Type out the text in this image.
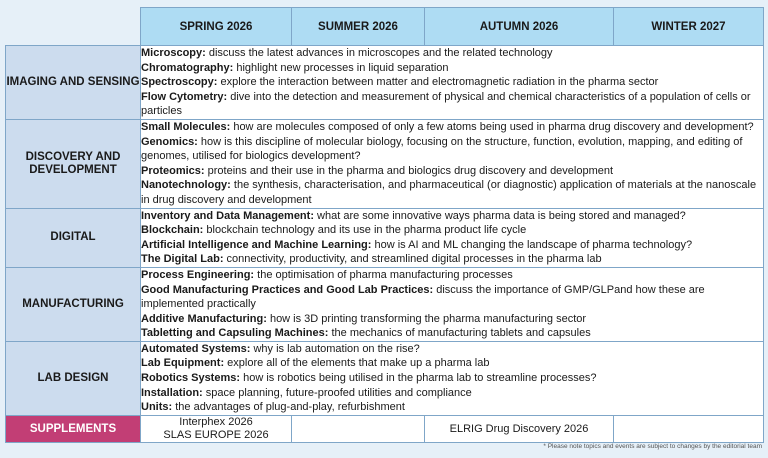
	SPRING 2026	SUMMER 2026	AUTUMN 2026	WINTER 2027
IMAGING AND SENSING	Microscopy: discuss the latest advances in microscopes and the related technology
Chromatography: highlight new processes in liquid separation
Spectroscopy: explore the interaction between matter and electromagnetic radiation in the pharma sector
Flow Cytometry: dive into the detection and measurement of physical and chemical characteristics of a population of cells or particles			

DISCOVERY AND DEVELOPMENT	Small Molecules: how are molecules composed of only a few atoms being used in pharma drug discovery and development?
Genomics: how is this discipline of molecular biology, focusing on the structure, function, evolution, mapping, and editing of genomes, utilised for biologics development?
Proteomics: proteins and their use in the pharma and biologics drug discovery and development
Nanotechnology: the synthesis, characterisation, and pharmaceutical (or diagnostic) application of materials at the nanoscale in drug discovery and development			

DIGITAL	Inventory and Data Management: what are some innovative ways pharma data is being stored and managed?
Blockchain: blockchain technology and its use in the pharma product life cycle
Artificial Intelligence and Machine Learning: how is AI and ML changing the landscape of pharma technology?
The Digital Lab: connectivity, productivity, and streamlined digital processes in the pharma lab			

MANUFACTURING	Process Engineering: the optimisation of pharma manufacturing processes
Good Manufacturing Practices and Good Lab Practices: discuss the importance of GMP/GLPand how these are implemented practically
Additive Manufacturing: how is 3D printing transforming the pharma manufacturing sector
Tabletting and Capsuling Machines: the mechanics of manufacturing tablets and capsules			

LAB DESIGN	Automated Systems: why is lab automation on the rise?
Lab Equipment: explore all of the elements that make up a pharma lab
Robotics Systems: how is robotics being utilised in the pharma lab to streamline processes?
Installation: space planning, future-proofed utilities and compliance
Units: the advantages of plug-and-play, refurbishment			

SUPPLEMENTS	Interphex 2026
SLAS EUROPE 2026		ELRIG Drug Discovery 2026	

* Please note topics and events are subject to changes by the editorial team
